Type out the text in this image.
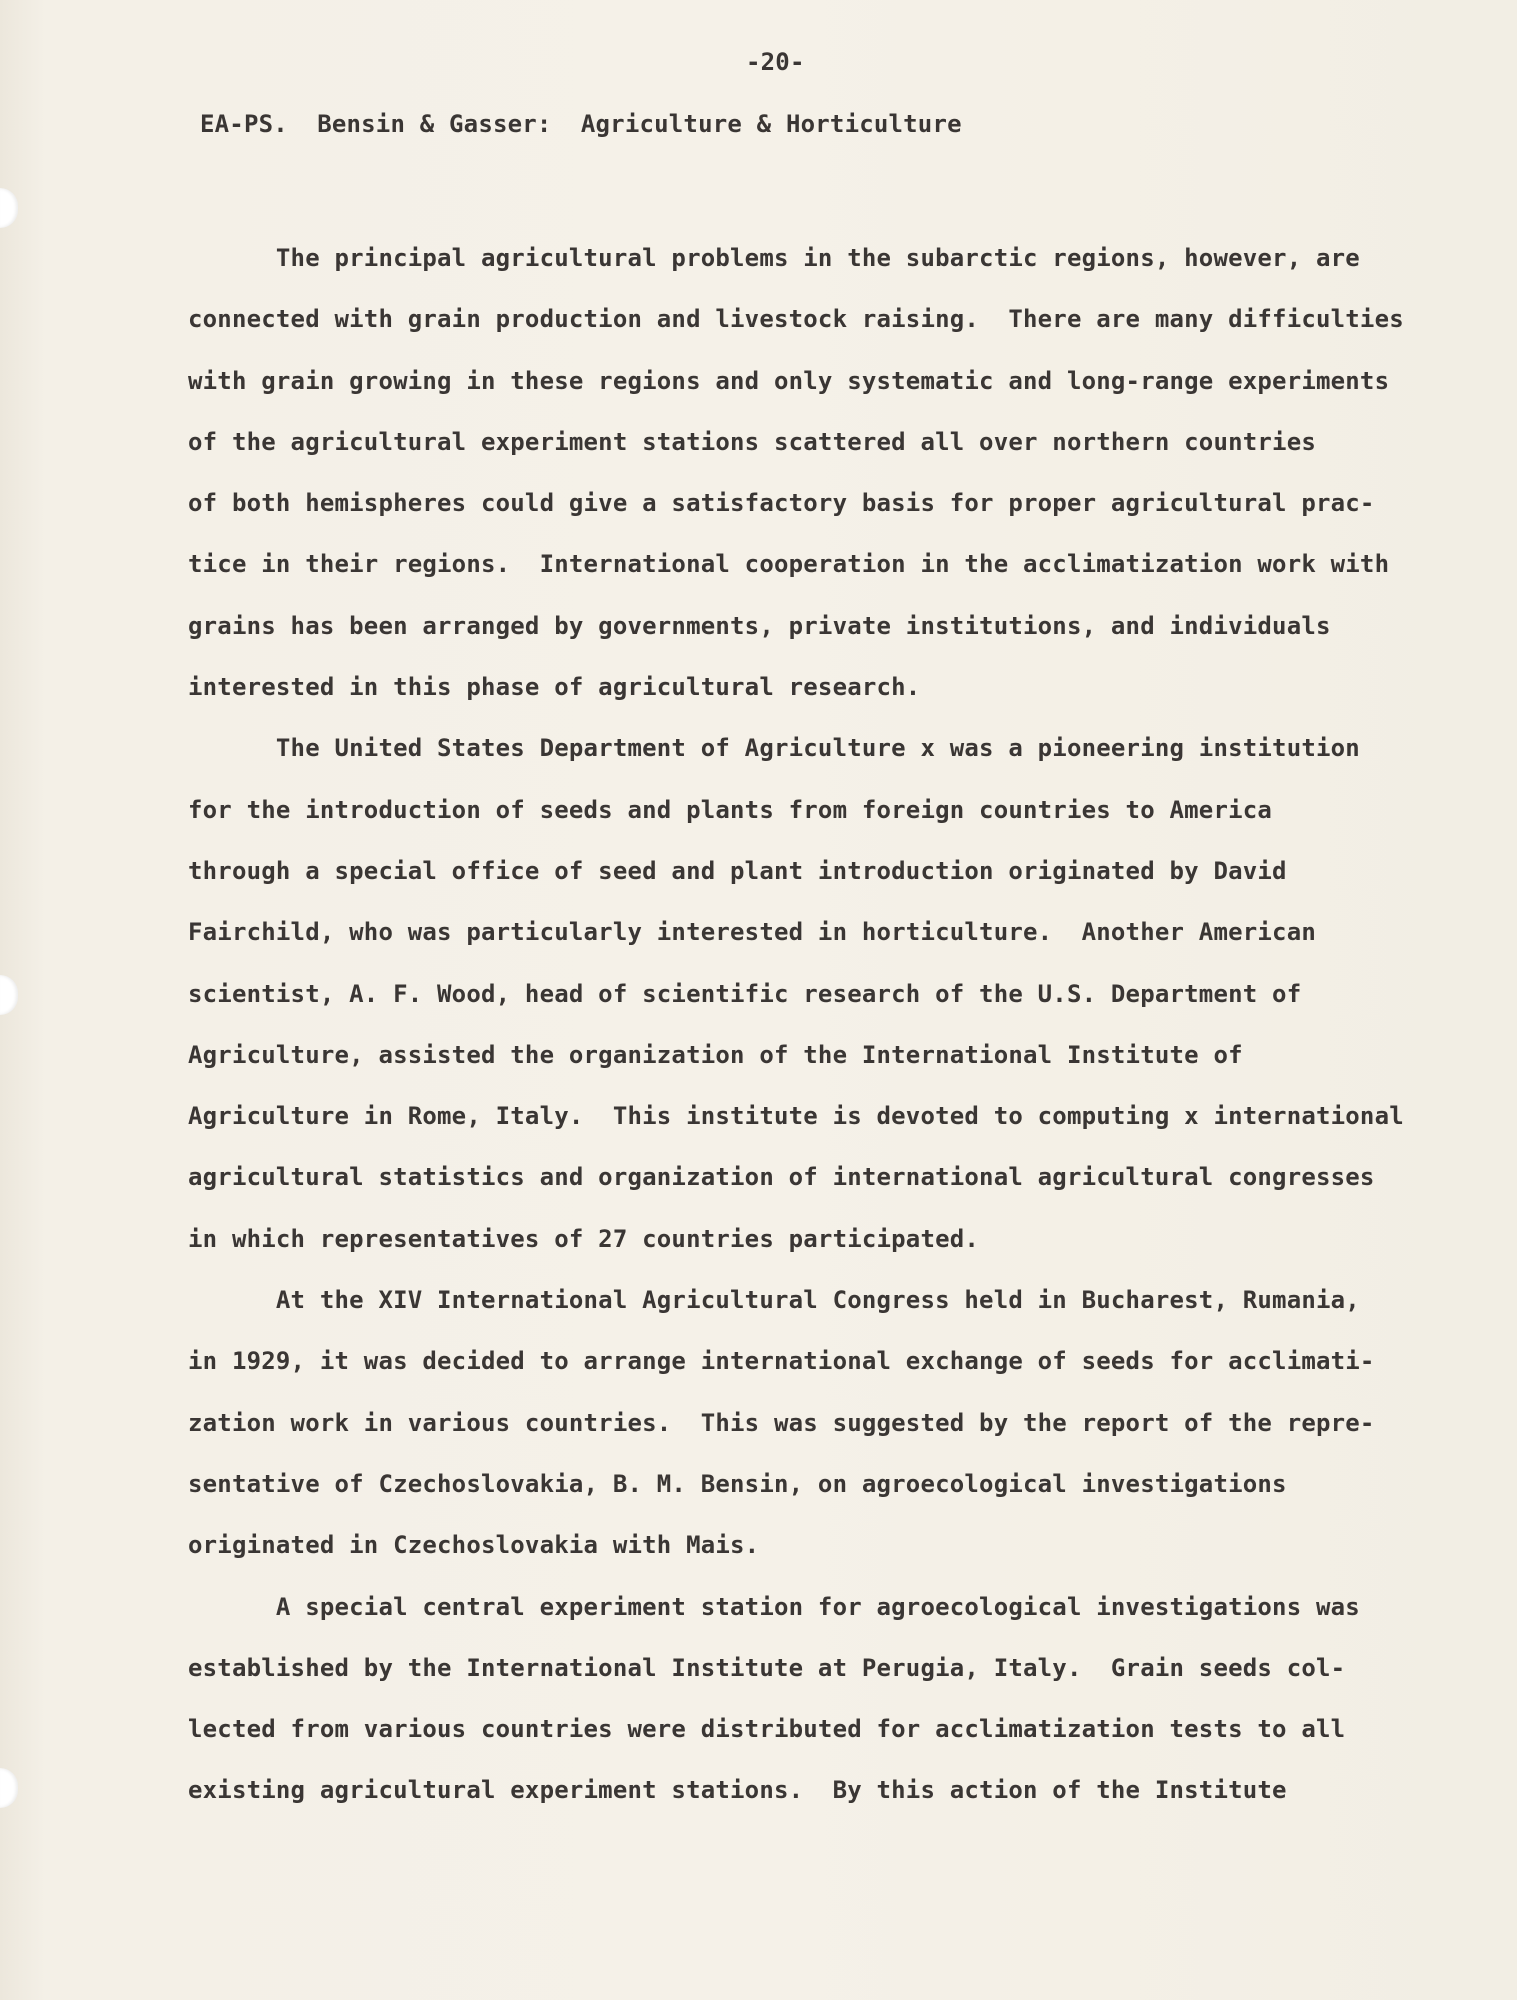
-20-
EA-PS.  Bensin & Gasser:  Agriculture & Horticulture
The principal agricultural problems in the subarctic regions, however, are
connected with grain production and livestock raising.  There are many difficulties
with grain growing in these regions and only systematic and long-range experiments
of the agricultural experiment stations scattered all over northern countries
of both hemispheres could give a satisfactory basis for proper agricultural prac-
tice in their regions.  International cooperation in the acclimatization work with
grains has been arranged by governments, private institutions, and individuals
interested in this phase of agricultural research.
The United States Department of Agriculture x was a pioneering institution
for the introduction of seeds and plants from foreign countries to America
through a special office of seed and plant introduction originated by David
Fairchild, who was particularly interested in horticulture.  Another American
scientist, A. F. Wood, head of scientific research of the U.S. Department of
Agriculture, assisted the organization of the International Institute of
Agriculture in Rome, Italy.  This institute is devoted to computing x international
agricultural statistics and organization of international agricultural congresses
in which representatives of 27 countries participated.
At the XIV International Agricultural Congress held in Bucharest, Rumania,
in 1929, it was decided to arrange international exchange of seeds for acclimati-
zation work in various countries.  This was suggested by the report of the repre-
sentative of Czechoslovakia, B. M. Bensin, on agroecological investigations
originated in Czechoslovakia with Mais.
A special central experiment station for agroecological investigations was
established by the International Institute at Perugia, Italy.  Grain seeds col-
lected from various countries were distributed for acclimatization tests to all
existing agricultural experiment stations.  By this action of the Institute
